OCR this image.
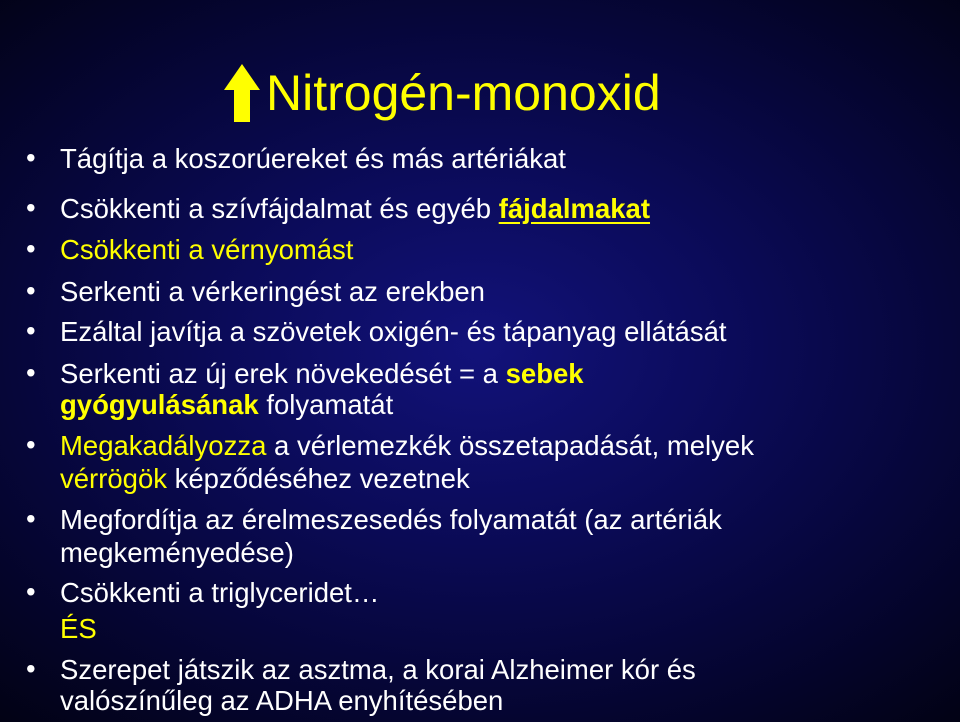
Nitrogén-monoxid
• Tágítja a koszorúereket és más artériákat
• Csökkenti a szívfájdalmat és egyéb fájdalmakat
• Csökkenti a vérnyomást
• Serkenti a vérkeringést az erekben
• Ezáltal javítja a szövetek oxigén- és tápanyag ellátását
• Serkenti az új erek növekedését = a sebek
gyógyulásának folyamatát
• Megakadályozza a vérlemezkék összetapadását, melyek
vérrögök képződéséhez vezetnek
• Megfordítja az érelmeszesedés folyamatát (az artériák
megkeményedése)
• Csökkenti a triglyceridet…
ÉS
• Szerepet játszik az asztma, a korai Alzheimer kór és
valószínűleg az ADHA enyhítésében
